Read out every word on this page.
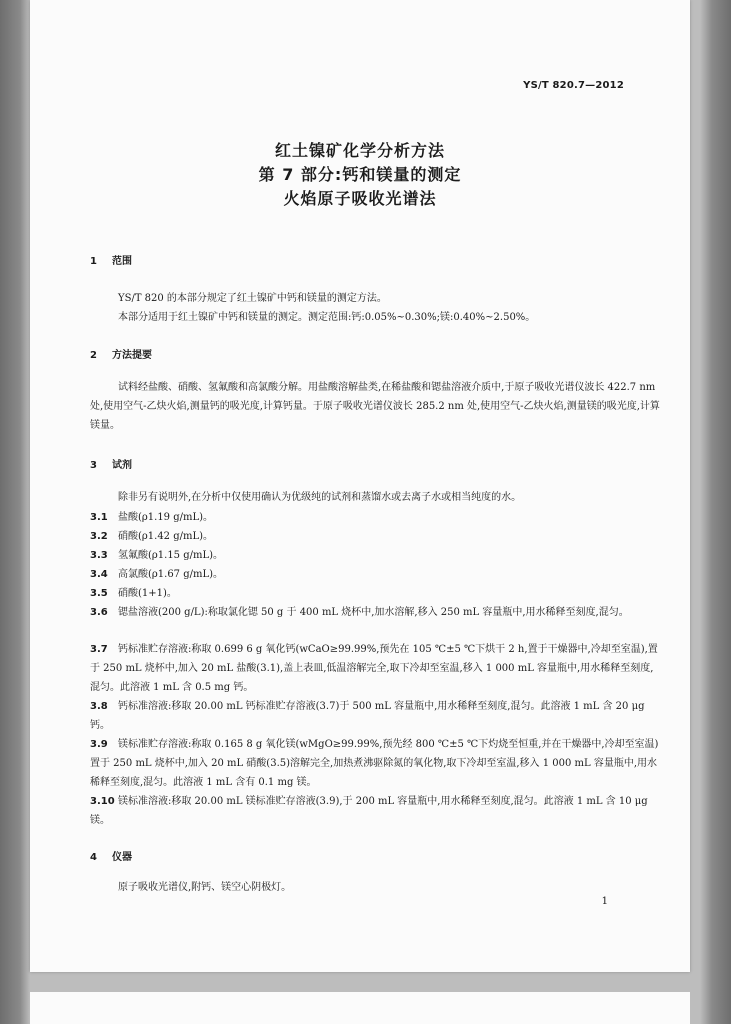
YS/T 820.7—2012
红土镍矿化学分析方法
第 7 部分:钙和镁量的测定
火焰原子吸收光谱法
1 范围
YS/T 820 的本部分规定了红土镍矿中钙和镁量的测定方法。
本部分适用于红土镍矿中钙和镁量的测定。测定范围:钙:0.05%~0.30%;镁:0.40%~2.50%。
2 方法提要
试料经盐酸、硝酸、氢氟酸和高氯酸分解。用盐酸溶解盐类,在稀盐酸和锶盐溶液介质中,于原子吸收光谱仪波长 422.7 nm 处,使用空气-乙炔火焰,测量钙的吸光度,计算钙量。于原子吸收光谱仪波长 285.2 nm 处,使用空气-乙炔火焰,测量镁的吸光度,计算镁量。
3 试剂
除非另有说明外,在分析中仅使用确认为优级纯的试剂和蒸馏水或去离子水或相当纯度的水。
3.1 盐酸(ρ1.19 g/mL)。
3.2 硝酸(ρ1.42 g/mL)。
3.3 氢氟酸(ρ1.15 g/mL)。
3.4 高氯酸(ρ1.67 g/mL)。
3.5 硝酸(1+1)。
3.6 锶盐溶液(200 g/L):称取氯化锶 50 g 于 400 mL 烧杯中,加水溶解,移入 250 mL 容量瓶中,用水稀释至刻度,混匀。
3.7 钙标准贮存溶液:称取 0.699 6 g 氧化钙(wCaO≥99.99%,预先在 105 ℃±5 ℃下烘干 2 h,置于干燥器中,冷却至室温),置于 250 mL 烧杯中,加入 20 mL 盐酸(3.1),盖上表皿,低温溶解完全,取下冷却至室温,移入 1 000 mL 容量瓶中,用水稀释至刻度,混匀。此溶液 1 mL 含 0.5 mg 钙。
3.8 钙标准溶液:移取 20.00 mL 钙标准贮存溶液(3.7)于 500 mL 容量瓶中,用水稀释至刻度,混匀。此溶液 1 mL 含 20 μg 钙。
3.9 镁标准贮存溶液:称取 0.165 8 g 氧化镁(wMgO≥99.99%,预先经 800 ℃±5 ℃下灼烧至恒重,并在干燥器中,冷却至室温)置于 250 mL 烧杯中,加入 20 mL 硝酸(3.5)溶解完全,加热煮沸驱除氮的氧化物,取下冷却至室温,移入 1 000 mL 容量瓶中,用水稀释至刻度,混匀。此溶液 1 mL 含有 0.1 mg 镁。
3.10 镁标准溶液:移取 20.00 mL 镁标准贮存溶液(3.9),于 200 mL 容量瓶中,用水稀释至刻度,混匀。此溶液 1 mL 含 10 μg 镁。
4 仪器
原子吸收光谱仪,附钙、镁空心阴极灯。
1
